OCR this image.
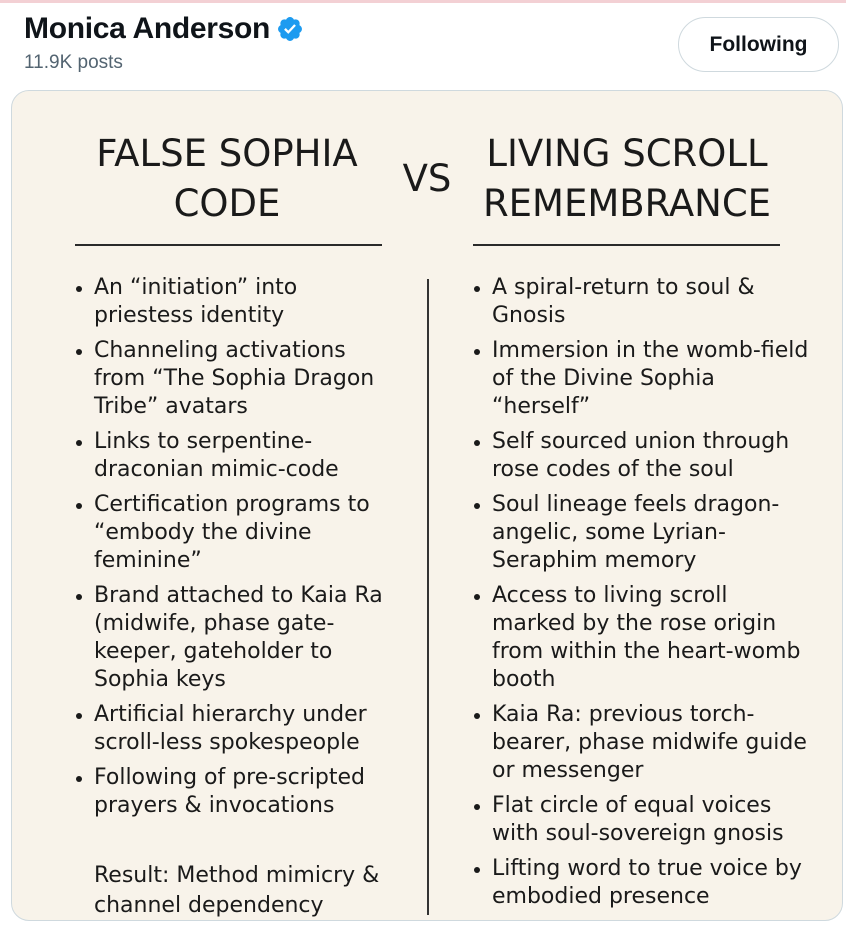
Monica Anderson
11.9K posts
Following
FALSE SOPHIA CODE
VS
LIVING SCROLL REMEMBRANCE
An “initiation” into priestess identity
Channeling activations from “The Sophia Dragon Tribe” avatars
Links to serpentine-draconian mimic-code
Certification programs to “embody the divine feminine”
Brand attached to Kaia Ra (midwife, phase gate-keeper, gateholder to Sophia keys
Artificial hierarchy under scroll-less spokespeople
Following of pre-scripted prayers & invocations
Result: Method mimicry & channel dependency
A spiral-return to soul & Gnosis
Immersion in the womb-field of the Divine Sophia “herself”
Self sourced union through rose codes of the soul
Soul lineage feels dragon-angelic, some Lyrian-Seraphim memory
Access to living scroll marked by the rose origin from within the heart-womb booth
Kaia Ra: previous torch-bearer, phase midwife guide or messenger
Flat circle of equal voices with soul-sovereign gnosis
Lifting word to true voice by embodied presence
